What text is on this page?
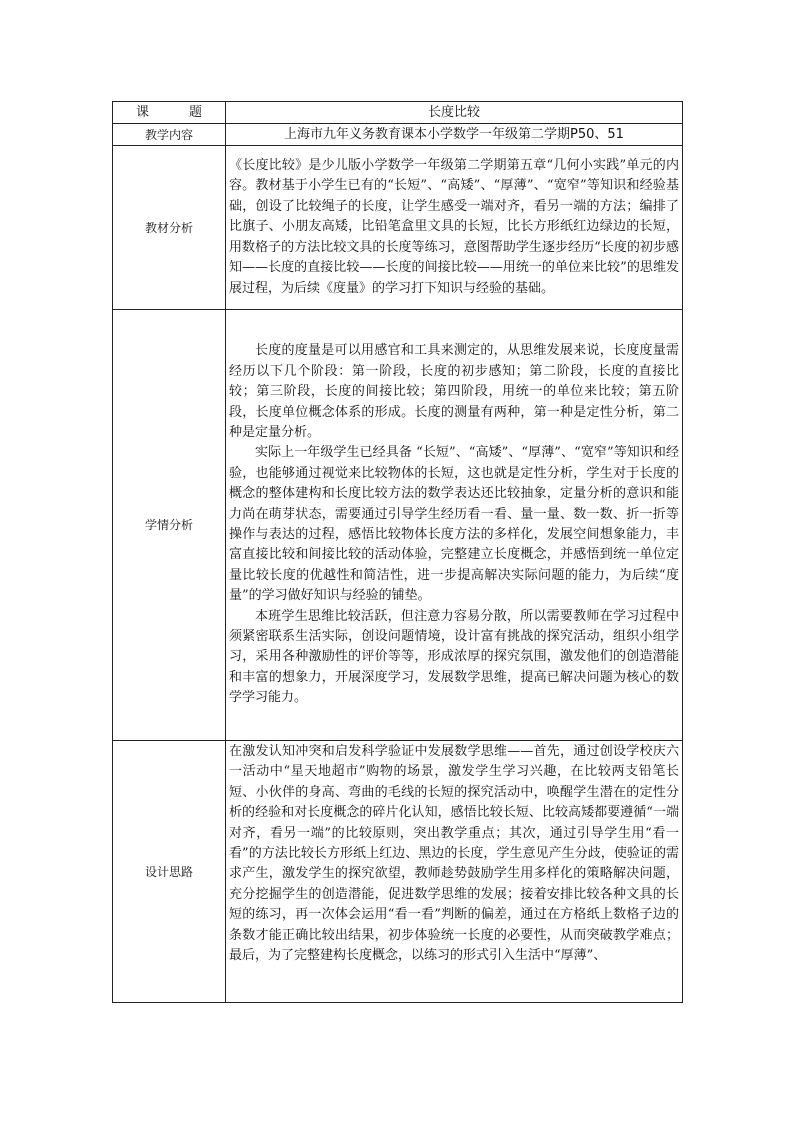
课 题	长度比较
教学内容	上海市九年义务教育课本小学数学一年级第二学期P50、51
教材分析	《长度比较》是少儿版小学数学一年级第二学期第五章“几何小实践”单元的内容。教材基于小学生已有的“长短”、“高矮”、“厚薄”、“宽窄”等知识和经验基础，创设了比较绳子的长度，让学生感受一端对齐，看另一端的方法；编排了比旗子、小朋友高矮，比铅笔盒里文具的长短，比长方形纸红边绿边的长短，用数格子的方法比较文具的长度等练习，意图帮助学生逐步经历“长度的初步感知——长度的直接比较——长度的间接比较——用统一的单位来比较”的思维发展过程，为后续《度量》的学习打下知识与经验的基础。

学情分析	长度的度量是可以用感官和工具来测定的，从思维发展来说，长度度量需经历以下几个阶段：第一阶段，长度的初步感知；第二阶段，长度的直接比较；第三阶段，长度的间接比较；第四阶段，用统一的单位来比较；第五阶段，长度单位概念体系的形成。长度的测量有两种，第一种是定性分析，第二种是定量分析。

实际上一年级学生已经具备 “长短”、“高矮”、“厚薄”、“宽窄”等知识和经验，也能够通过视觉来比较物体的长短，这也就是定性分析，学生对于长度的概念的整体建构和长度比较方法的数学表达还比较抽象，定量分析的意识和能力尚在萌芽状态，需要通过引导学生经历看一看、量一量、数一数、折一折等操作与表达的过程，感悟比较物体长度方法的多样化，发展空间想象能力，丰富直接比较和间接比较的活动体验，完整建立长度概念，并感悟到统一单位定量比较长度的优越性和简洁性，进一步提高解决实际问题的能力，为后续“度量”的学习做好知识与经验的铺垫。

本班学生思维比较活跃，但注意力容易分散，所以需要教师在学习过程中须紧密联系生活实际，创设问题情境，设计富有挑战的探究活动，组织小组学习，采用各种激励性的评价等等，形成浓厚的探究氛围，激发他们的创造潜能和丰富的想象力，开展深度学习，发展数学思维，提高已解决问题为核心的数学学习能力。

设计思路	在激发认知冲突和启发科学验证中发展数学思维——首先，通过创设学校庆六一活动中“星天地超市”购物的场景，激发学生学习兴趣，在比较两支铅笔长短、小伙伴的身高、弯曲的毛线的长短的探究活动中，唤醒学生潜在的定性分析的经验和对长度概念的碎片化认知，感悟比较长短、比较高矮都要遵循“一端对齐，看另一端”的比较原则，突出教学重点；其次，通过引导学生用“看一看”的方法比较长方形纸上红边、黑边的长度，学生意见产生分歧，使验证的需求产生，激发学生的探究欲望，教师趁势鼓励学生用多样化的策略解决问题，充分挖掘学生的创造潜能，促进数学思维的发展；接着安排比较各种文具的长短的练习，再一次体会运用“看一看”判断的偏差，通过在方格纸上数格子边的条数才能正确比较出结果，初步体验统一长度的必要性，从而突破教学难点；最后，为了完整建构长度概念，以练习的形式引入生活中“厚薄”、
